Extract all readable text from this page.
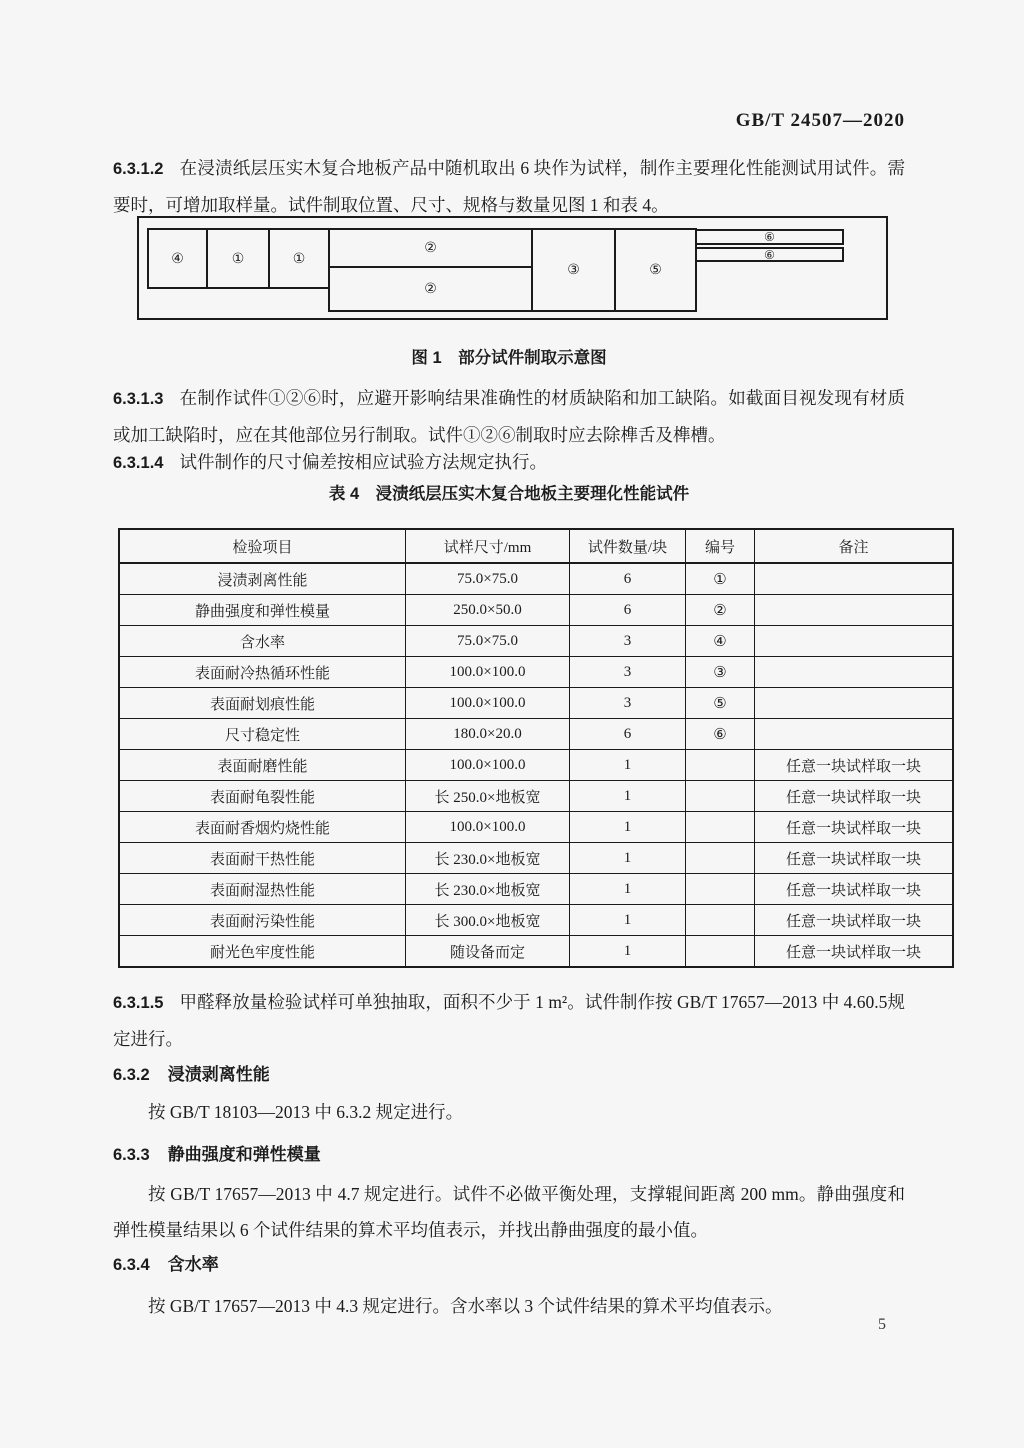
GB/T 24507—2020
6.3.1.2 在浸渍纸层压实木复合地板产品中随机取出 6 块作为试样，制作主要理化性能测试用试件。需要时，可增加取样量。试件制取位置、尺寸、规格与数量见图 1 和表 4。
④	①	①
②
②
③	⑤
⑥
⑥
图 1　部分试件制取示意图
6.3.1.3 在制作试件①②⑥时，应避开影响结果准确性的材质缺陷和加工缺陷。如截面目视发现有材质或加工缺陷时，应在其他部位另行制取。试件①②⑥制取时应去除榫舌及榫槽。
6.3.1.4 试件制作的尺寸偏差按相应试验方法规定执行。
表 4　浸渍纸层压实木复合地板主要理化性能试件
检验项目	试样尺寸/mm	试件数量/块	编号	备注
浸渍剥离性能	75.0×75.0	6	①	
静曲强度和弹性模量	250.0×50.0	6	②	
含水率	75.0×75.0	3	④	
表面耐冷热循环性能	100.0×100.0	3	③	
表面耐划痕性能	100.0×100.0	3	⑤	
尺寸稳定性	180.0×20.0	6	⑥	
表面耐磨性能	100.0×100.0	1		任意一块试样取一块
表面耐龟裂性能	长 250.0×地板宽	1		任意一块试样取一块
表面耐香烟灼烧性能	100.0×100.0	1		任意一块试样取一块
表面耐干热性能	长 230.0×地板宽	1		任意一块试样取一块
表面耐湿热性能	长 230.0×地板宽	1		任意一块试样取一块
表面耐污染性能	长 300.0×地板宽	1		任意一块试样取一块
耐光色牢度性能	随设备而定	1		任意一块试样取一块
6.3.1.5 甲醛释放量检验试样可单独抽取，面积不少于 1 m²。试件制作按 GB/T 17657—2013 中 4.60.5规定进行。
6.3.2 浸渍剥离性能
按 GB/T 18103—2013 中 6.3.2 规定进行。
6.3.3 静曲强度和弹性模量
按 GB/T 17657—2013 中 4.7 规定进行。试件不必做平衡处理，支撑辊间距离 200 mm。静曲强度和弹性模量结果以 6 个试件结果的算术平均值表示，并找出静曲强度的最小值。
6.3.4 含水率
按 GB/T 17657—2013 中 4.3 规定进行。含水率以 3 个试件结果的算术平均值表示。
5
